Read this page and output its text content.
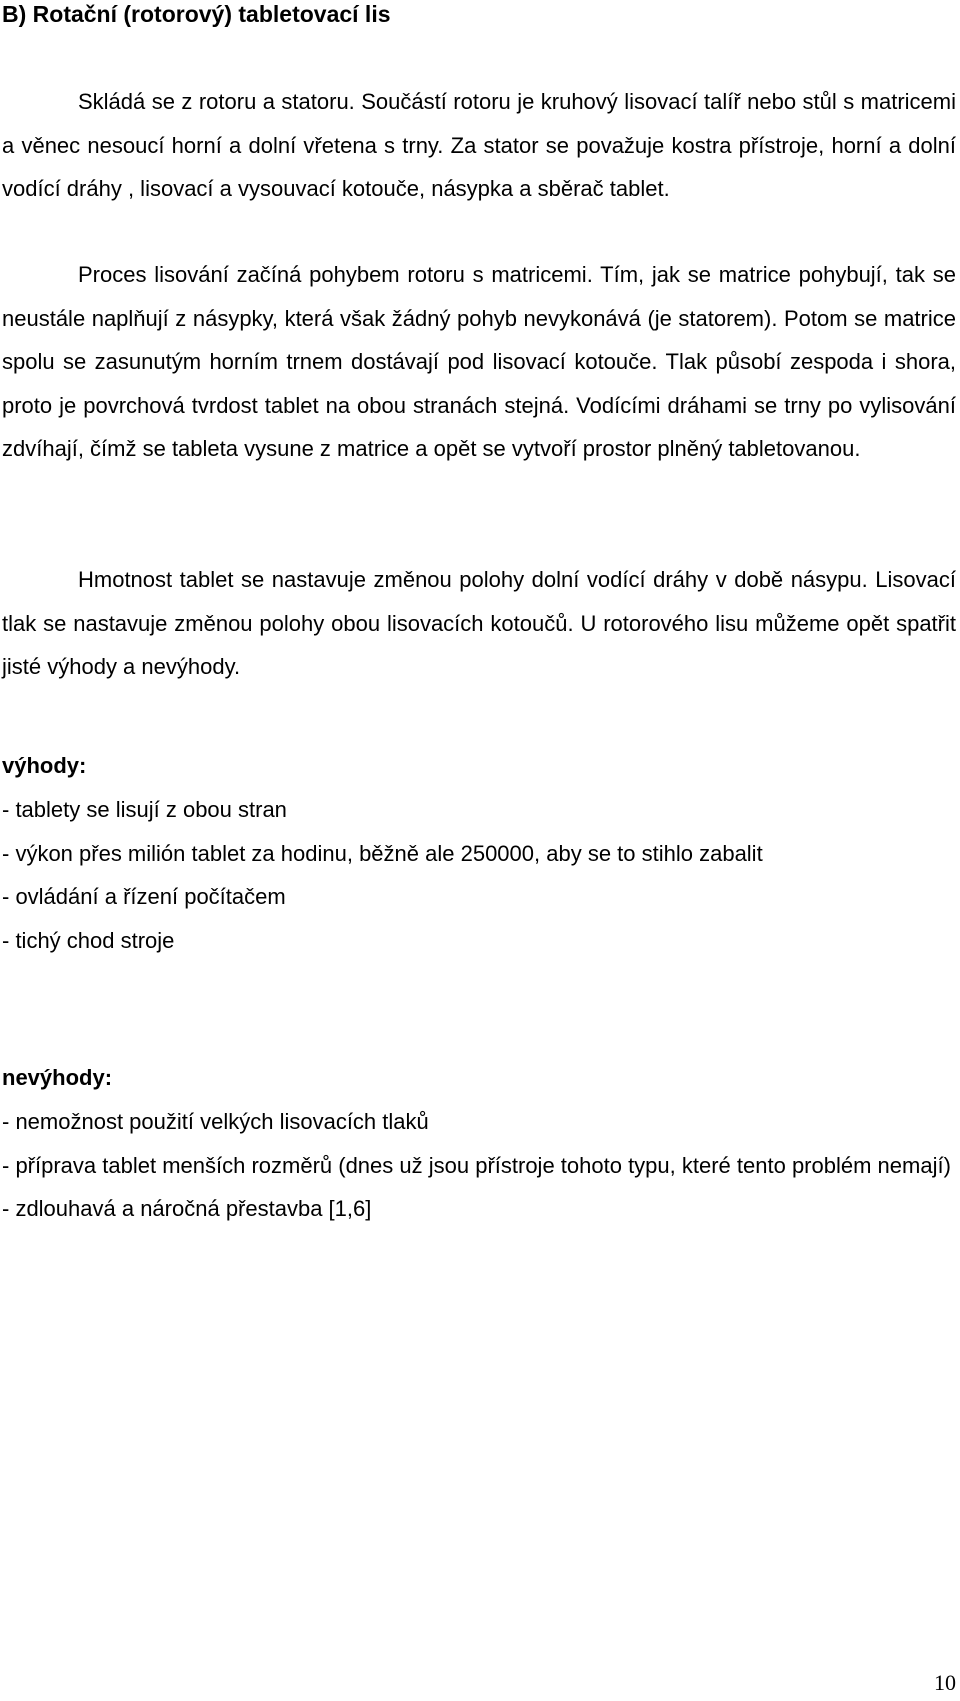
B) Rotační (rotorový) tabletovací lis

Skládá se z rotoru a statoru. Součástí rotoru je kruhový lisovací talíř nebo stůl s matricemi a věnec nesoucí horní a dolní vřetena s trny. Za stator se považuje kostra přístroje, horní a dolní vodící dráhy , lisovací a vysouvací kotouče, násypka a sběrač tablet.

Proces lisování začíná pohybem rotoru s matricemi. Tím, jak se matrice pohybují, tak se neustále naplňují z násypky, která však žádný pohyb nevykonává (je statorem). Potom se matrice spolu se zasunutým horním trnem dostávají pod lisovací kotouče. Tlak působí zespoda i shora, proto je povrchová tvrdost tablet na obou stranách stejná. Vodícími dráhami se trny po vylisování zdvíhají, čímž se tableta vysune z matrice a opět se vytvoří prostor plněný tabletovanou.

Hmotnost tablet se nastavuje změnou polohy dolní vodící dráhy v době násypu. Lisovací tlak se nastavuje změnou polohy obou lisovacích kotoučů. U rotorového lisu můžeme opět spatřit jisté výhody a nevýhody.

výhody:
- tablety se lisují z obou stran
- výkon přes milión tablet za hodinu, běžně ale 250000, aby se to stihlo zabalit
- ovládání a řízení počítačem
- tichý chod stroje
nevýhody:
- nemožnost použití velkých lisovacích tlaků
- příprava tablet menších rozměrů (dnes už jsou přístroje tohoto typu, které tento problém nemají)
- zdlouhavá a náročná přestavba [1,6]
10
